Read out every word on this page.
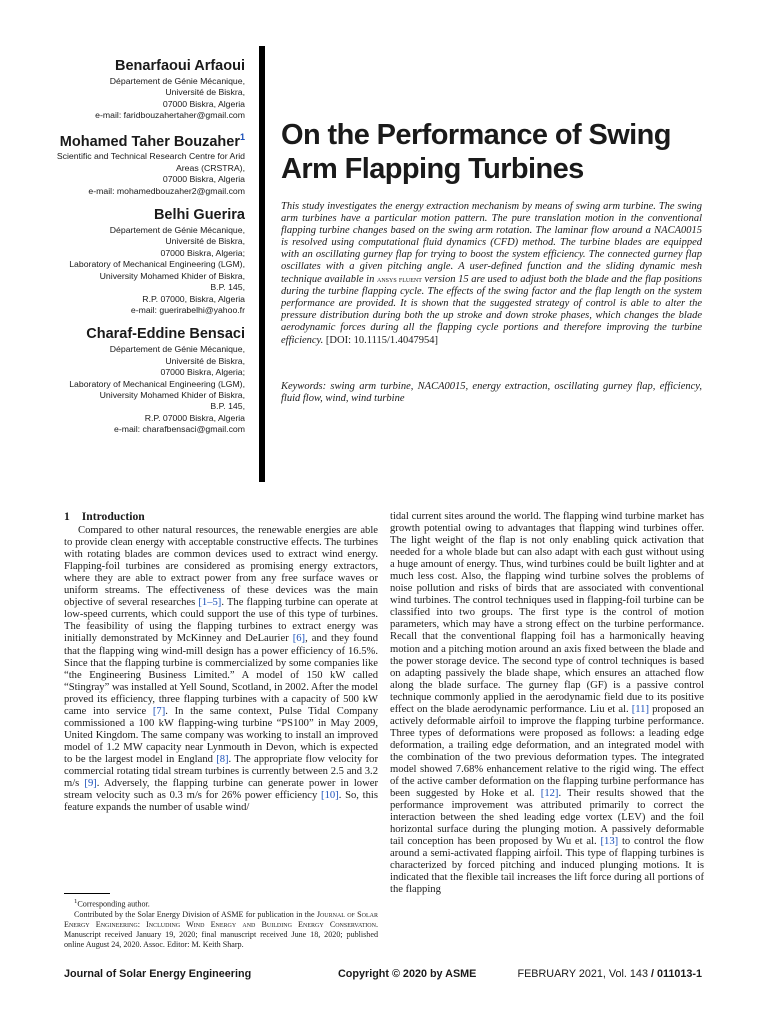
Benarfaoui Arfaoui
Département de Génie Mécanique,
Université de Biskra,
07000 Biskra, Algeria
e-mail: faridbouzahertaher@gmail.com
Mohamed Taher Bouzaher$^1$
Scientific and Technical Research Centre for Arid
Areas (CRSTRA),
07000 Biskra, Algeria
e-mail: mohamedbouzaher2@gmail.com
Belhi Guerira
Département de Génie Mécanique,
Université de Biskra,
07000 Biskra, Algeria;
Laboratory of Mechanical Engineering (LGM),
University Mohamed Khider of Biskra,
B.P. 145,
R.P. 07000, Biskra, Algeria
e-mail: guerirabelhi@yahoo.fr
Charaf-Eddine Bensaci
Département de Génie Mécanique,
Université de Biskra,
07000 Biskra, Algeria;
Laboratory of Mechanical Engineering (LGM),
University Mohamed Khider of Biskra,
B.P. 145,
R.P. 07000 Biskra, Algeria
e-mail: charafbensaci@gmail.com
On the Performance of Swing Arm Flapping Turbines

This study investigates the energy extraction mechanism by means of swing arm turbine. The swing arm turbines have a particular motion pattern. The pure translation motion in the conventional flapping turbine changes based on the swing arm rotation. The laminar flow around a NACA0015 is resolved using computational fluid dynamics (CFD) method. The turbine blades are equipped with an oscillating gurney flap for trying to boost the system efficiency. The connected gurney flap oscillates with a given pitching angle. A user-defined function and the sliding dynamic mesh technique available in ansys fluent version 15 are used to adjust both the blade and the flap positions during the turbine flapping cycle. The effects of the swing factor and the flap length on the system performance are provided. It is shown that the suggested strategy of control is able to alter the pressure distribution during both the up stroke and down stroke phases, which changes the blade aerodynamic forces during all the flapping cycle portions and therefore improving the turbine efficiency. [DOI: 10.1115/1.4047954]

Keywords: swing arm turbine, NACA0015, energy extraction, oscillating gurney flap, efficiency, fluid flow, wind, wind turbine

1 Introduction

Compared to other natural resources, the renewable energies are able to provide clean energy with acceptable constructive effects. The turbines with rotating blades are common devices used to extract wind energy. Flapping-foil turbines are considered as promising energy extractors, where they are able to extract power from any free surface waves or uniform streams. The effectiveness of these devices was the main objective of several researches [1–5]. The flapping turbine can operate at low-speed currents, which could support the use of this type of turbines. The feasibility of using the flapping turbines to extract energy was initially demonstrated by McKinney and DeLaurier [6], and they found that the flapping wing wind-mill design has a power efficiency of 16.5%. Since that the flapping turbine is commercialized by some companies like “the Engineering Business Limited.” A model of 150 kW called “Stingray” was installed at Yell Sound, Scotland, in 2002. After the model proved its efficiency, three flapping turbines with a capacity of 500 kW came into service [7]. In the same context, Pulse Tidal Company commissioned a 100 kW flapping-wing turbine “PS100” in May 2009, United Kingdom. The same company was working to install an improved model of 1.2 MW capacity near Lynmouth in Devon, which is expected to be the largest model in England [8]. The appropriate flow velocity for commercial rotating tidal stream turbines is currently between 2.5 and 3.2 m/s [9]. Adversely, the flapping turbine can generate power in lower stream velocity such as 0.3 m/s for 26% power efficiency [10]. So, this feature expands the number of usable wind/

tidal current sites around the world. The flapping wind turbine market has growth potential owing to advantages that flapping wind turbines offer. The light weight of the flap is not only enabling quick activation that needed for a whole blade but can also adapt with each gust without using a huge amount of energy. Thus, wind turbines could be built lighter and at much less cost. Also, the flapping wind turbine solves the problems of noise pollution and risks of birds that are associated with conventional wind turbines. The control techniques used in flapping-foil turbine can be classified into two groups. The first type is the control of motion parameters, which may have a strong effect on the turbine performance. Recall that the conventional flapping foil has a harmonically heaving motion and a pitching motion around an axis fixed between the blade and the power storage device. The second type of control techniques is based on adapting passively the blade shape, which ensures an attached flow along the blade surface. The gurney flap (GF) is a passive control technique commonly applied in the aerodynamic field due to its positive effect on the blade aerodynamic performance. Liu et al. [11] proposed an actively deformable airfoil to improve the flapping turbine performance. Three types of deformations were proposed as follows: a leading edge deformation, a trailing edge deformation, and an integrated model with the combination of the two previous deformation types. The integrated model showed 7.68% enhancement relative to the rigid wing. The effect of the active camber deformation on the flapping turbine performance has been suggested by Hoke et al. [12]. Their results showed that the performance improvement was attributed primarily to correct the interaction between the shed leading edge vortex (LEV) and the foil horizontal surface during the plunging motion. A passively deformable tail conception has been proposed by Wu et al. [13] to control the flow around a semi-activated flapping airfoil. This type of flapping turbines is characterized by forced pitching and induced plunging motions. It is indicated that the flexible tail increases the lift force during all portions of the flapping

$^1$Corresponding author.

Contributed by the Solar Energy Division of ASME for publication in the Journal of Solar Energy Engineering: Including Wind Energy and Building Energy Conservation. Manuscript received January 19, 2020; final manuscript received June 18, 2020; published online August 24, 2020. Assoc. Editor: M. Keith Sharp.

Journal of Solar Energy Engineering	Copyright © 2020 by ASME	FEBRUARY 2021, Vol. 143 / 011013-1
